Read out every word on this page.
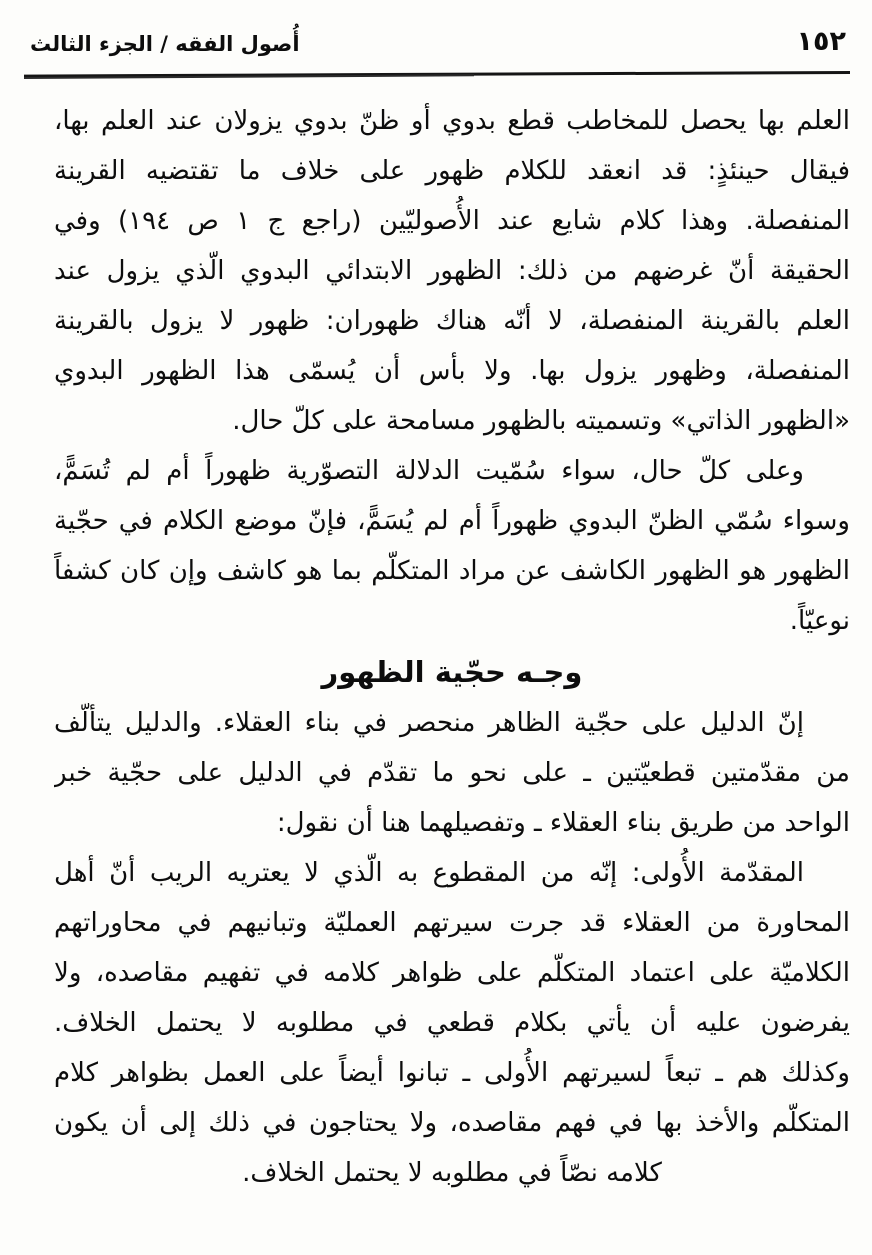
١٥٢
أُصول الفقه / الجزء الثالث

العلم بها يحصل للمخاطب قطع بدوي أو ظنّ بدوي يزولان عند العلم بها،

فيقال حينئذٍ: قد انعقد للكلام ظهور على خلاف ما تقتضيه القرينة

المنفصلة. وهذا كلام شايع عند الأُصوليّين (راجع ج ١ ص ١٩٤) وفي

الحقيقة أنّ غرضهم من ذلك: الظهور الابتدائي البدوي الّذي يزول عند

العلم بالقرينة المنفصلة، لا أنّه هناك ظهوران: ظهور لا يزول بالقرينة

المنفصلة، وظهور يزول بها. ولا بأس أن يُسمّى هذا الظهور البدوي

«الظهور الذاتي» وتسميته بالظهور مسامحة على كلّ حال.

وعلى كلّ حال، سواء سُمّيت الدلالة التصوّرية ظهوراً أم لم تُسَمًّ،

وسواء سُمّي الظنّ البدوي ظهوراً أم لم يُسَمًّ، فإنّ موضع الكلام في حجّية

الظهور هو الظهور الكاشف عن مراد المتكلّم بما هو كاشف وإن كان كشفاً

نوعيّاً.

وجـه حجّية الظهور

إنّ الدليل على حجّية الظاهر منحصر في بناء العقلاء. والدليل يتألّف

من مقدّمتين قطعيّتين ـ على نحو ما تقدّم في الدليل على حجّية خبر

الواحد من طريق بناء العقلاء ـ وتفصيلهما هنا أن نقول:

المقدّمة الأُولى: إنّه من المقطوع به الّذي لا يعتريه الريب أنّ أهل

المحاورة من العقلاء قد جرت سيرتهم العمليّة وتبانيهم في محاوراتهم

الكلاميّة على اعتماد المتكلّم على ظواهر كلامه في تفهيم مقاصده، ولا

يفرضون عليه أن يأتي بكلام قطعي في مطلوبه لا يحتمل الخلاف.

وكذلك هم ـ تبعاً لسيرتهم الأُولى ـ تبانوا أيضاً على العمل بظواهر كلام

المتكلّم والأخذ بها في فهم مقاصده، ولا يحتاجون في ذلك إلى أن يكون

كلامه نصّاً في مطلوبه لا يحتمل الخلاف.
